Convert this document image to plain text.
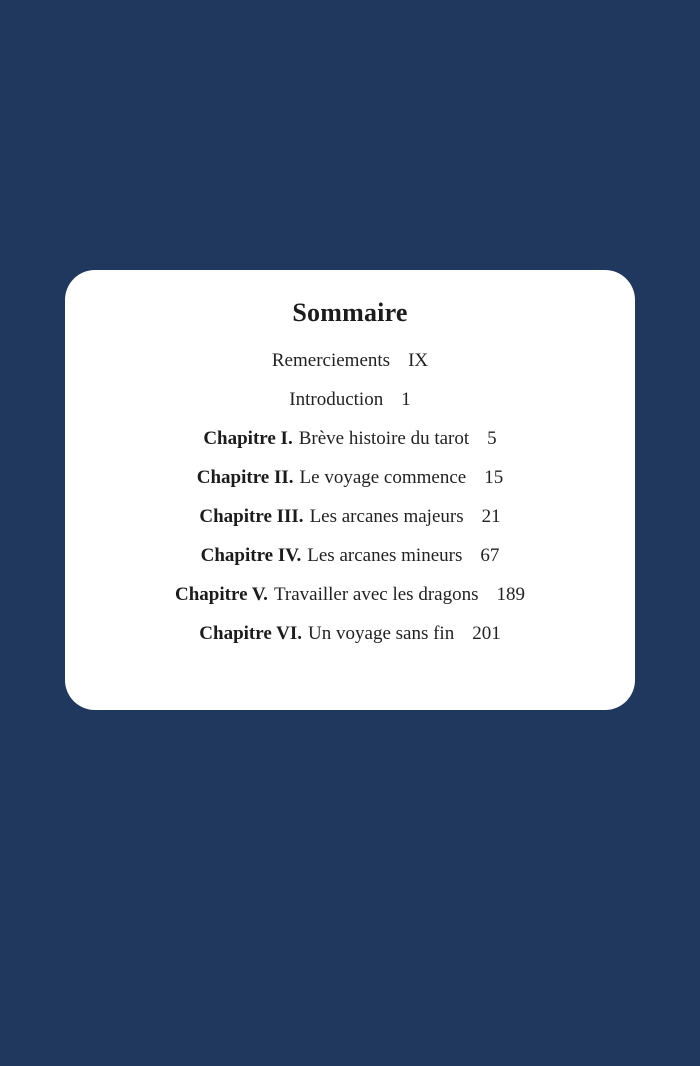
Sommaire
Remerciements IX
Introduction 1
Chapitre I. Brève histoire du tarot 5
Chapitre II. Le voyage commence 15
Chapitre III. Les arcanes majeurs 21
Chapitre IV. Les arcanes mineurs 67
Chapitre V. Travailler avec les dragons 189
Chapitre VI. Un voyage sans fin 201
